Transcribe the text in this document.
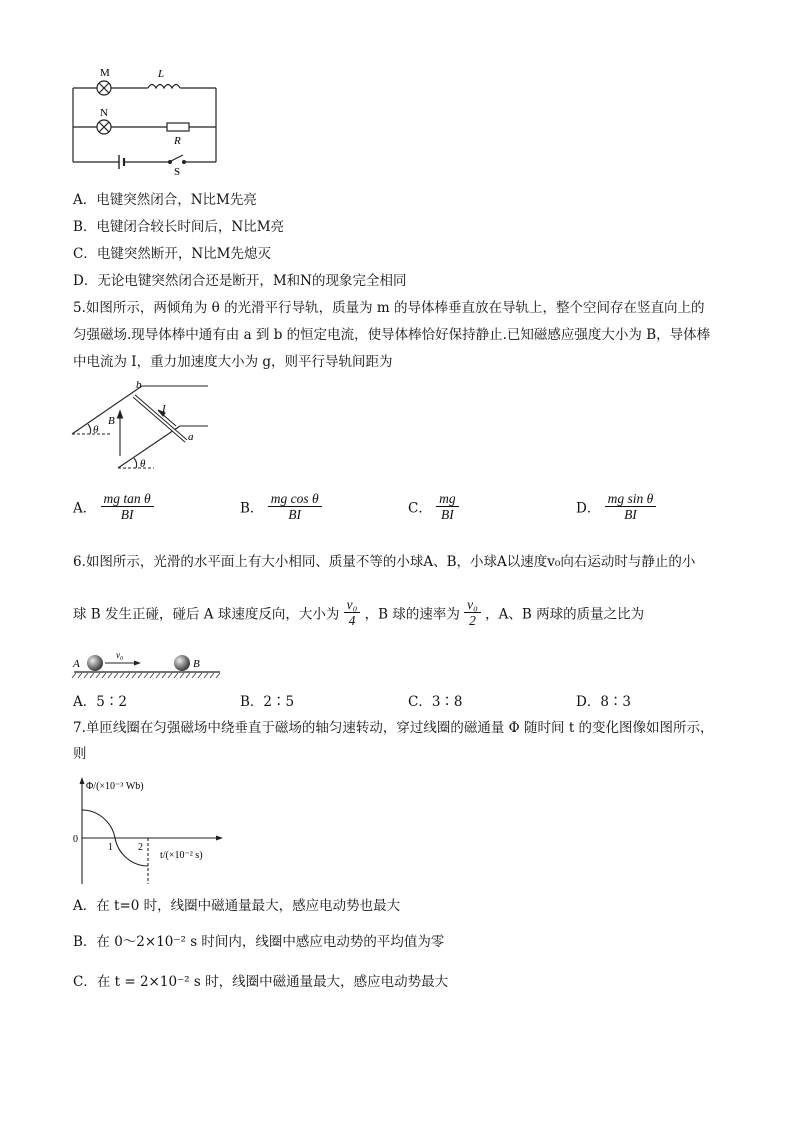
M
N
L
R
S
A．电键突然闭合，N比M先亮
B．电键闭合较长时间后，N比M亮
C．电键突然断开，N比M先熄灭
D．无论电键突然闭合还是断开，M和N的现象完全相同
5.如图所示，两倾角为 θ 的光滑平行导轨，质量为 m 的导体棒垂直放在导轨上，整个空间存在竖直向上的
匀强磁场.现导体棒中通有由 a 到 b 的恒定电流，使导体棒恰好保持静止.已知磁感应强度大小为 B，导体棒
中电流为 I，重力加速度大小为 g，则平行导轨间距为
b
a
I
B
θ
θ
A． $\frac{\text{mg tan θ}}{BI}$	B． $\frac{\text{mg cos θ}}{BI}$	C． $\frac{mg}{BI}$	D． $\frac{\text{mg sin θ}}{BI}$
6.如图所示，光滑的水平面上有大小相同、质量不等的小球A、B，小球A以速度v₀向右运动时与静止的小
球 B 发生正碰，碰后 A 球速度反向，大小为 $\frac{\text{v₀}}{4}$ ，B 球的速率为 $\frac{\text{v₀}}{2}$ ，A、B 两球的质量之比为
A	B
v₀
A．5∶2	B．2∶5	C．3∶8	D．8∶3
7.单匝线圈在匀强磁场中绕垂直于磁场的轴匀速转动，穿过线圈的磁通量 Φ 随时间 t 的变化图像如图所示，
则
Φ/(×10⁻³ Wb)
t/(×10⁻² s)
0
1	2
A．在 t=0 时，线圈中磁通量最大，感应电动势也最大
B．在 0～2×10⁻² s 时间内，线圈中感应电动势的平均值为零
C．在 t = 2×10⁻² s 时，线圈中磁通量最大，感应电动势最大
